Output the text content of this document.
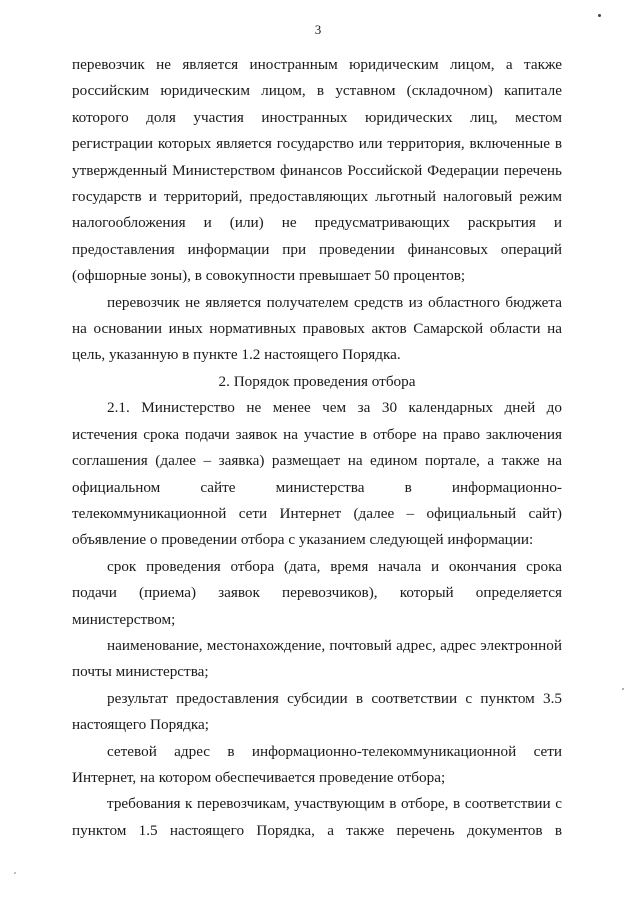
3

перевозчик не является иностранным юридическим лицом, а также российским юридическим лицом, в уставном (складочном) капитале которого доля участия иностранных юридических лиц, местом регистрации которых является государство или территория, включенные в утвержденный Министерством финансов Российской Федерации перечень государств и территорий, предоставляющих льготный налоговый режим налогообложения и (или) не предусматривающих раскрытия и предоставления информации при проведении финансовых операций (офшорные зоны), в совокупности превышает 50 процентов;

перевозчик не является получателем средств из областного бюджета на основании иных нормативных правовых актов Самарской области на цель, указанную в пункте 1.2 настоящего Порядка.

2. Порядок проведения отбора

2.1. Министерство не менее чем за 30 календарных дней до истечения срока подачи заявок на участие в отборе на право заключения соглашения (далее – заявка) размещает на едином портале, а также на официальном сайте министерства в информационно-телекоммуникационной сети Интернет (далее – официальный сайт) объявление о проведении отбора с указанием следующей информации:

срок проведения отбора (дата, время начала и окончания срока подачи (приема) заявок перевозчиков), который определяется министерством;

наименование, местонахождение, почтовый адрес, адрес электронной почты министерства;

результат предоставления субсидии в соответствии с пунктом 3.5 настоящего Порядка;

сетевой адрес в информационно-телекоммуникационной сети Интернет, на котором обеспечивается проведение отбора;

требования к перевозчикам, участвующим в отборе, в соответствии с пунктом 1.5 настоящего Порядка, а также перечень документов в
